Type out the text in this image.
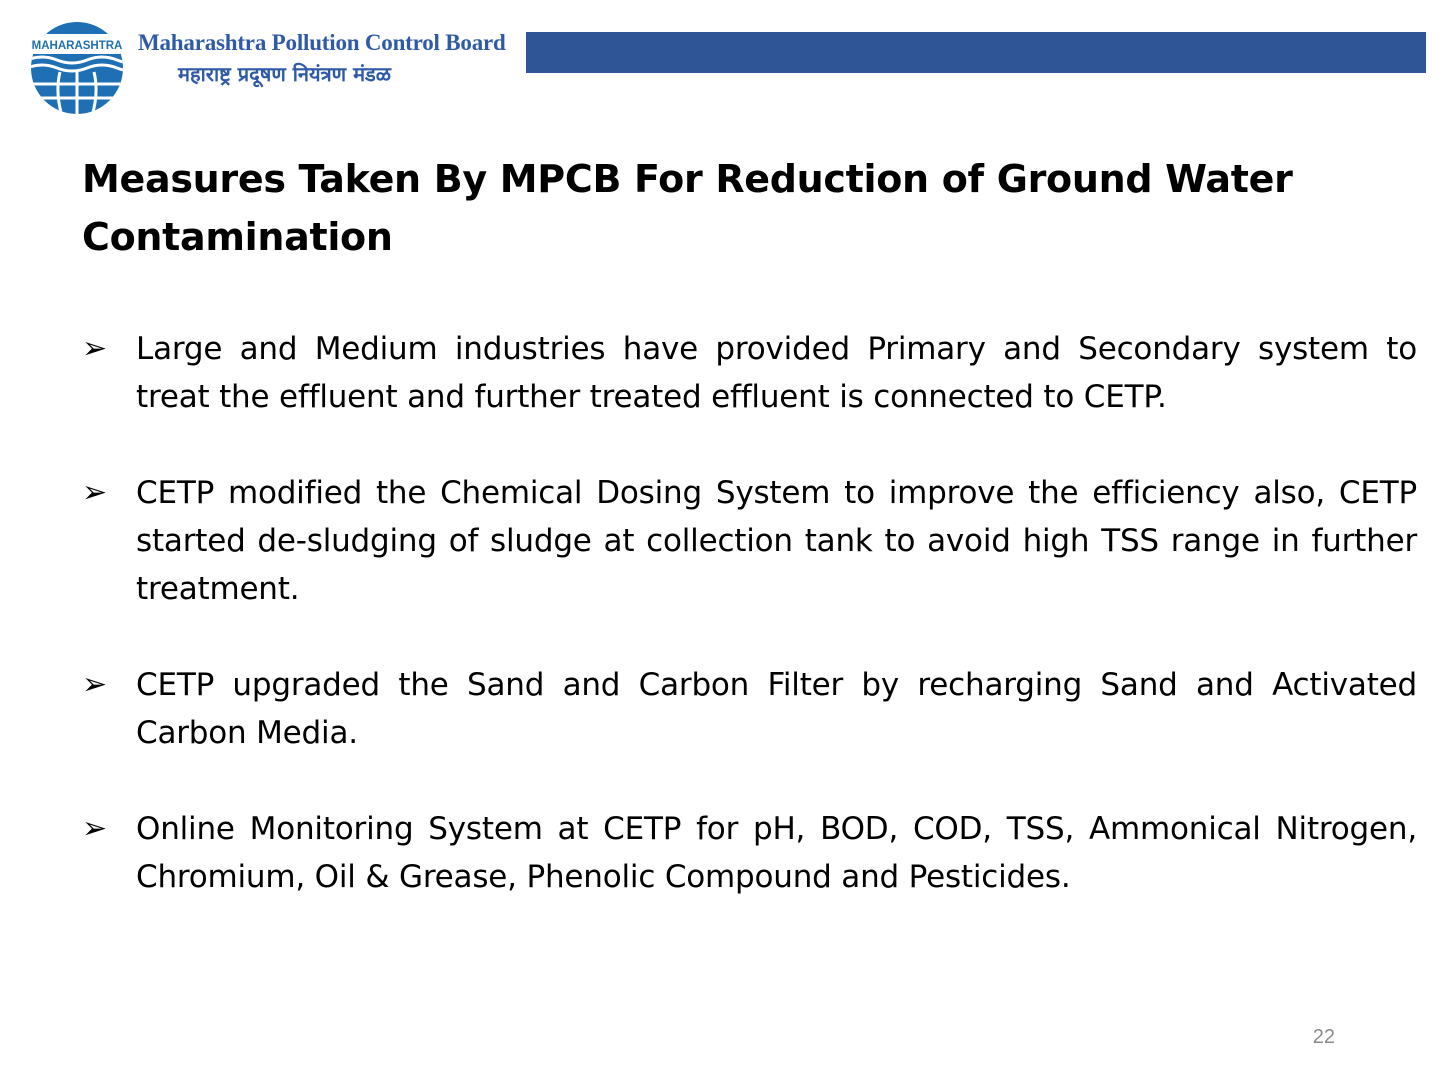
MAHARASHTRA Maharashtra Pollution Control Board
महाराष्ट्र प्रदूषण नियंत्रण मंडळ
Measures Taken By MPCB For Reduction of Ground Water Contamination
➢ Large and Medium industries have provided Primary and Secondary system to treat the effluent and further treated effluent is connected to CETP.
➢ CETP modified the Chemical Dosing System to improve the efficiency also, CETP started de-sludging of sludge at collection tank to avoid high TSS range in further treatment.
➢ CETP upgraded the Sand and Carbon Filter by recharging Sand and Activated Carbon Media.
➢ Online Monitoring System at CETP for pH, BOD, COD, TSS, Ammonical Nitrogen, Chromium, Oil & Grease, Phenolic Compound and Pesticides.
22
